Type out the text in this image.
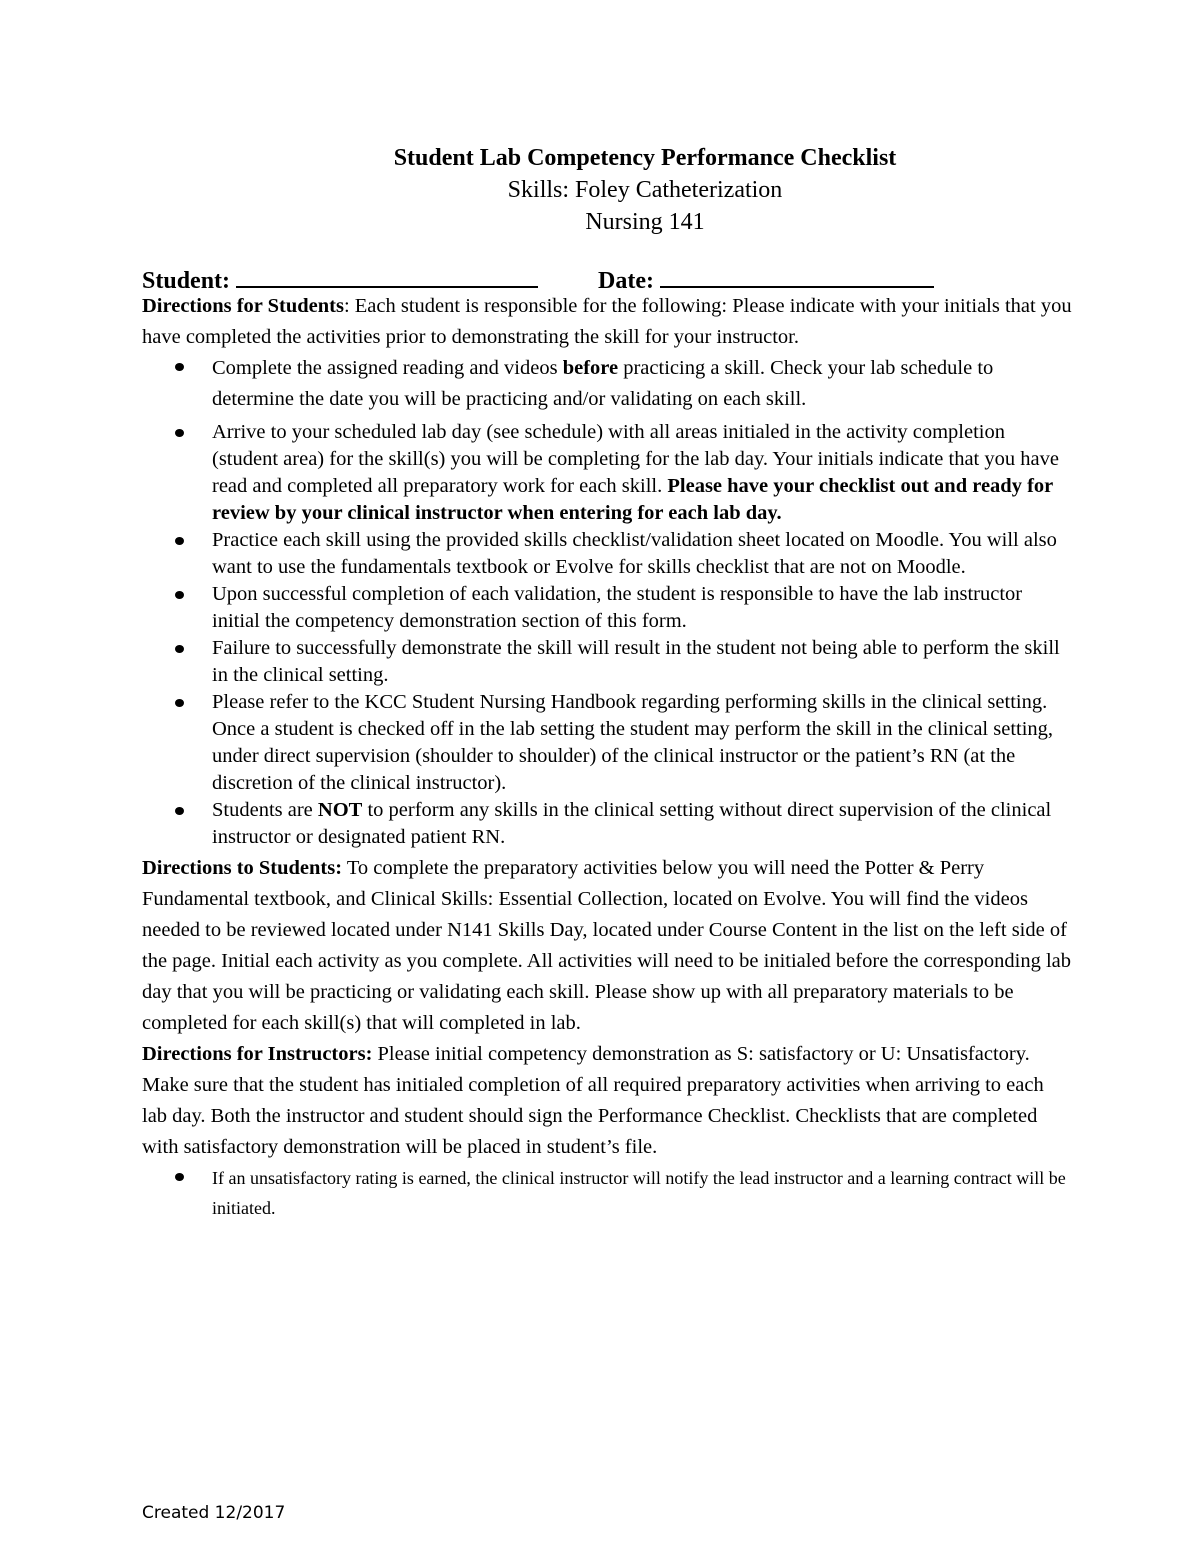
Student Lab Competency Performance Checklist

Skills: Foley Catheterization

Nursing 141

Student:	Date:

Directions for Students: Each student is responsible for the following: Please indicate with your initials that you have completed the activities prior to demonstrating the skill for your instructor.

Complete the assigned reading and videos before practicing a skill. Check your lab schedule to determine the date you will be practicing and/or validating on each skill.
Arrive to your scheduled lab day (see schedule) with all areas initialed in the activity completion (student area) for the skill(s) you will be completing for the lab day. Your initials indicate that you have read and completed all preparatory work for each skill. Please have your checklist out and ready for review by your clinical instructor when entering for each lab day.
Practice each skill using the provided skills checklist/validation sheet located on Moodle. You will also want to use the fundamentals textbook or Evolve for skills checklist that are not on Moodle.
Upon successful completion of each validation, the student is responsible to have the lab instructor initial the competency demonstration section of this form.
Failure to successfully demonstrate the skill will result in the student not being able to perform the skill in the clinical setting.
Please refer to the KCC Student Nursing Handbook regarding performing skills in the clinical setting. Once a student is checked off in the lab setting the student may perform the skill in the clinical setting, under direct supervision (shoulder to shoulder) of the clinical instructor or the patient’s RN (at the discretion of the clinical instructor).
Students are NOT to perform any skills in the clinical setting without direct supervision of the clinical instructor or designated patient RN.

Directions to Students: To complete the preparatory activities below you will need the Potter & Perry Fundamental textbook, and Clinical Skills: Essential Collection, located on Evolve. You will find the videos needed to be reviewed located under N141 Skills Day, located under Course Content in the list on the left side of the page. Initial each activity as you complete. All activities will need to be initialed before the corresponding lab day that you will be practicing or validating each skill. Please show up with all preparatory materials to be completed for each skill(s) that will completed in lab.

Directions for Instructors: Please initial competency demonstration as S: satisfactory or U: Unsatisfactory. Make sure that the student has initialed completion of all required preparatory activities when arriving to each lab day. Both the instructor and student should sign the Performance Checklist. Checklists that are completed with satisfactory demonstration will be placed in student’s file.

If an unsatisfactory rating is earned, the clinical instructor will notify the lead instructor and a learning contract will be initiated.
Created 12/2017
